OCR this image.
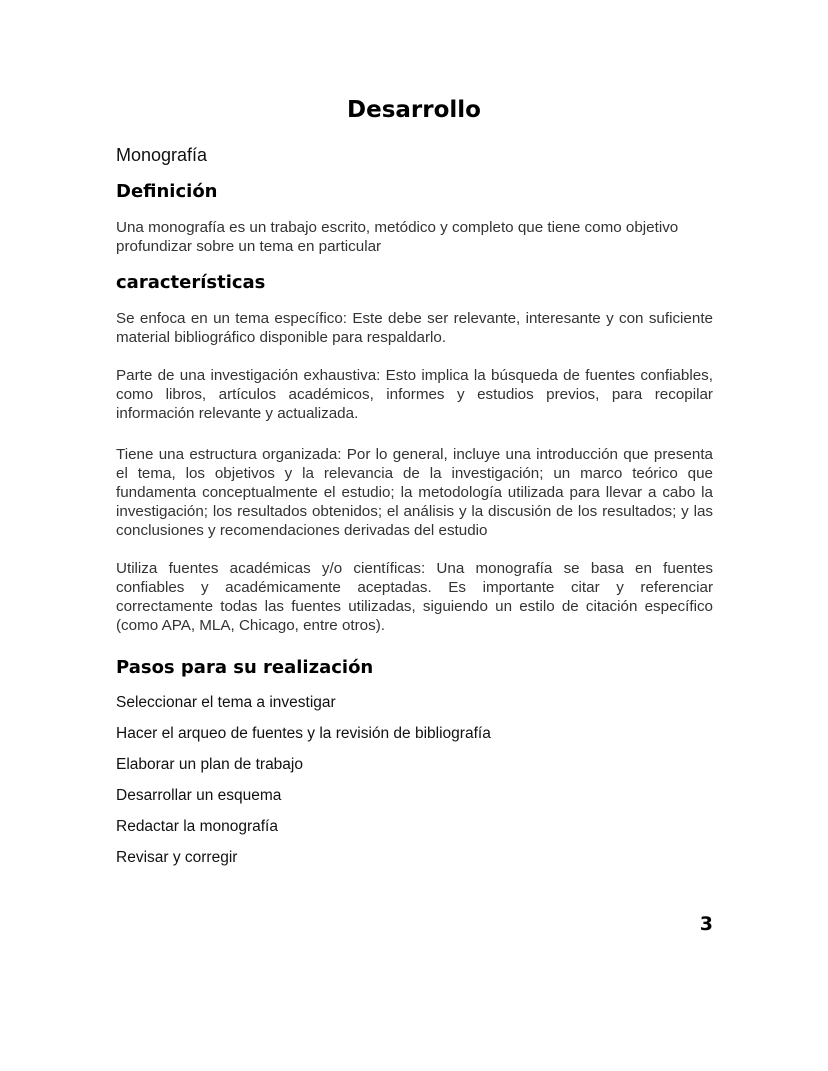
Desarrollo

Monografía

Definición

Una monografía es un trabajo escrito, metódico y completo que tiene como objetivo profundizar sobre un tema en particular

características

Se enfoca en un tema específico: Este debe ser relevante, interesante y con suficiente material bibliográfico disponible para respaldarlo.

Parte de una investigación exhaustiva: Esto implica la búsqueda de fuentes confiables, como libros, artículos académicos, informes y estudios previos, para recopilar información relevante y actualizada.

Tiene una estructura organizada: Por lo general, incluye una introducción que presenta el tema, los objetivos y la relevancia de la investigación; un marco teórico que fundamenta conceptualmente el estudio; la metodología utilizada para llevar a cabo la investigación; los resultados obtenidos; el análisis y la discusión de los resultados; y las conclusiones y recomendaciones derivadas del estudio

Utiliza fuentes académicas y/o científicas: Una monografía se basa en fuentes confiables y académicamente aceptadas. Es importante citar y referenciar correctamente todas las fuentes utilizadas, siguiendo un estilo de citación específico (como APA, MLA, Chicago, entre otros).

Pasos para su realización
Seleccionar el tema a investigar
Hacer el arqueo de fuentes y la revisión de bibliografía
Elaborar un plan de trabajo
Desarrollar un esquema
Redactar la monografía
Revisar y corregir
3
